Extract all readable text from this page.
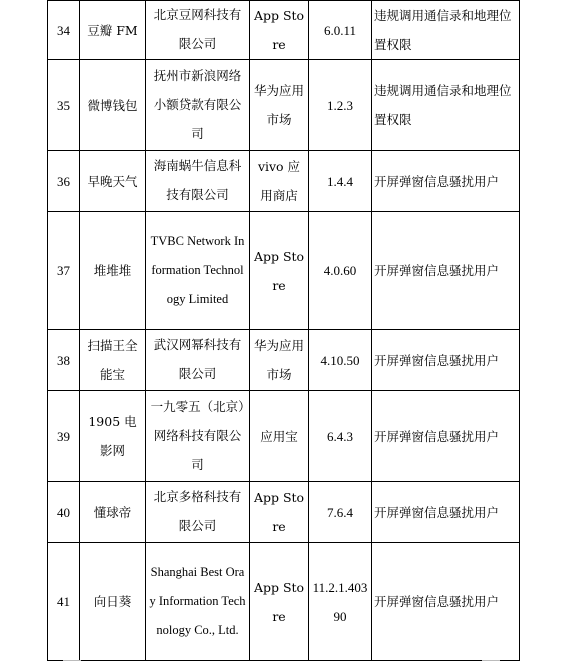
34	豆瓣 FM	北京豆网科技有限公司	App Store	6.0.11	违规调用通信录和地理位置权限
35	微博钱包	抚州市新浪网络小额贷款有限公司	华为应用市场	1.2.3	违规调用通信录和地理位置权限
36	早晚天气	海南蜗牛信息科技有限公司	vivo 应用商店	1.4.4	开屏弹窗信息骚扰用户
37	堆堆堆	TVBC Network Information Technology Limited	App Store	4.0.60	开屏弹窗信息骚扰用户
38	扫描王全能宝	武汉网幂科技有限公司	华为应用市场	4.10.50	开屏弹窗信息骚扰用户
39	1905 电影网	一九零五（北京）网络科技有限公司	应用宝	6.4.3	开屏弹窗信息骚扰用户
40	懂球帝	北京多格科技有限公司	App Store	7.6.4	开屏弹窗信息骚扰用户
41	向日葵	Shanghai Best Oray Information Technology Co., Ltd.	App Store	11.2.1.40390	开屏弹窗信息骚扰用户
